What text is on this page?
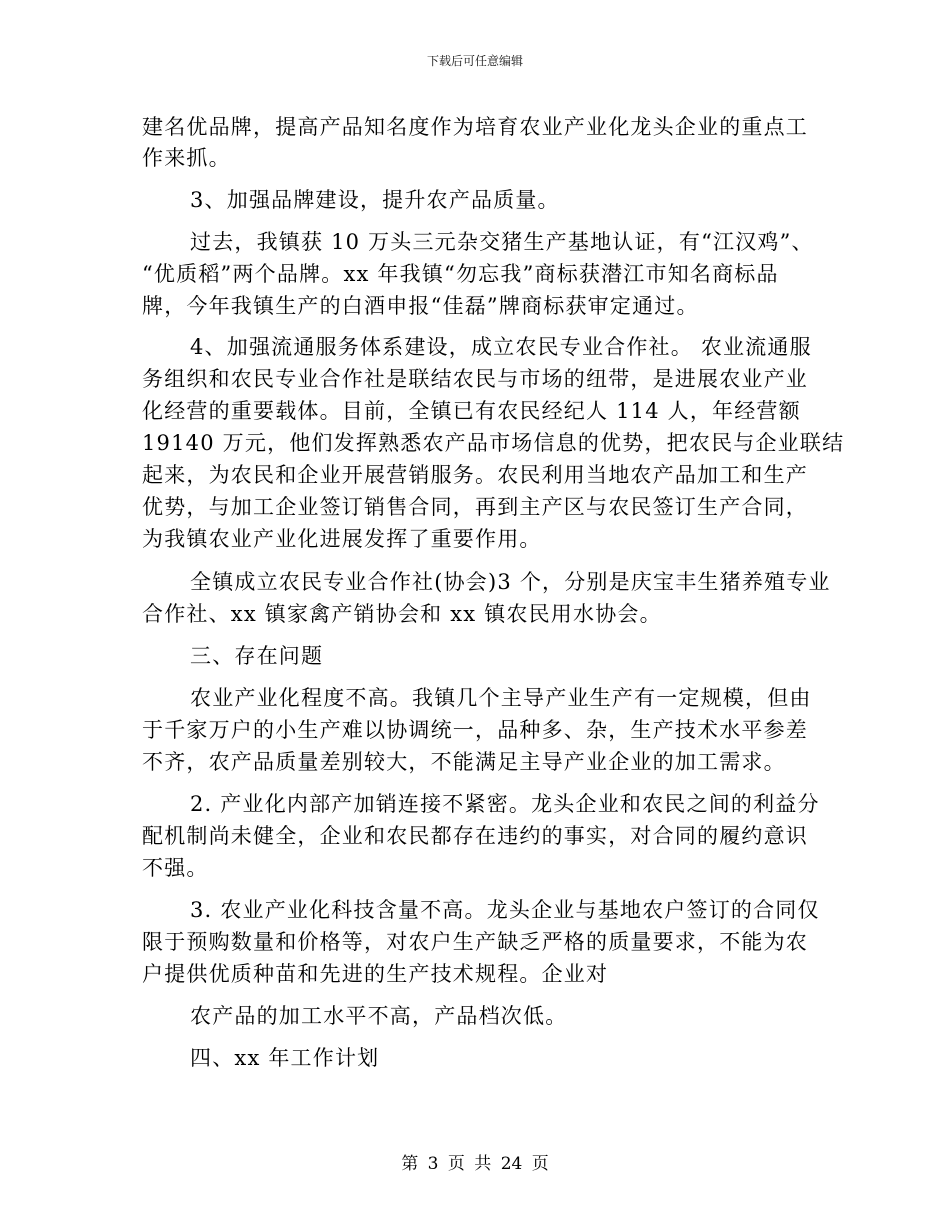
下载后可任意编辑
建名优品牌，提高产品知名度作为培育农业产业化龙头企业的重点工
作来抓。
3、加强品牌建设，提升农产品质量。
过去，我镇获 10 万头三元杂交猪生产基地认证，有“江汉鸡”、
“优质稻”两个品牌。xx 年我镇“勿忘我”商标获潜江市知名商标品
牌，今年我镇生产的白酒申报“佳磊”牌商标获审定通过。
4、加强流通服务体系建设，成立农民专业合作社。 农业流通服
务组织和农民专业合作社是联结农民与市场的纽带，是进展农业产业
化经营的重要载体。目前，全镇已有农民经纪人 114 人，年经营额
19140 万元，他们发挥熟悉农产品市场信息的优势，把农民与企业联结
起来，为农民和企业开展营销服务。农民利用当地农产品加工和生产
优势，与加工企业签订销售合同，再到主产区与农民签订生产合同，
为我镇农业产业化进展发挥了重要作用。
全镇成立农民专业合作社(协会)3 个，分别是庆宝丰生猪养殖专业
合作社、xx 镇家禽产销协会和 xx 镇农民用水协会。
三、存在问题
农业产业化程度不高。我镇几个主导产业生产有一定规模，但由
于千家万户的小生产难以协调统一，品种多、杂，生产技术水平参差
不齐，农产品质量差别较大，不能满足主导产业企业的加工需求。
2. 产业化内部产加销连接不紧密。龙头企业和农民之间的利益分
配机制尚未健全，企业和农民都存在违约的事实，对合同的履约意识
不强。
3. 农业产业化科技含量不高。龙头企业与基地农户签订的合同仅
限于预购数量和价格等，对农户生产缺乏严格的质量要求，不能为农
户提供优质种苗和先进的生产技术规程。企业对
农产品的加工水平不高，产品档次低。
四、xx 年工作计划
第 3 页 共 24 页
